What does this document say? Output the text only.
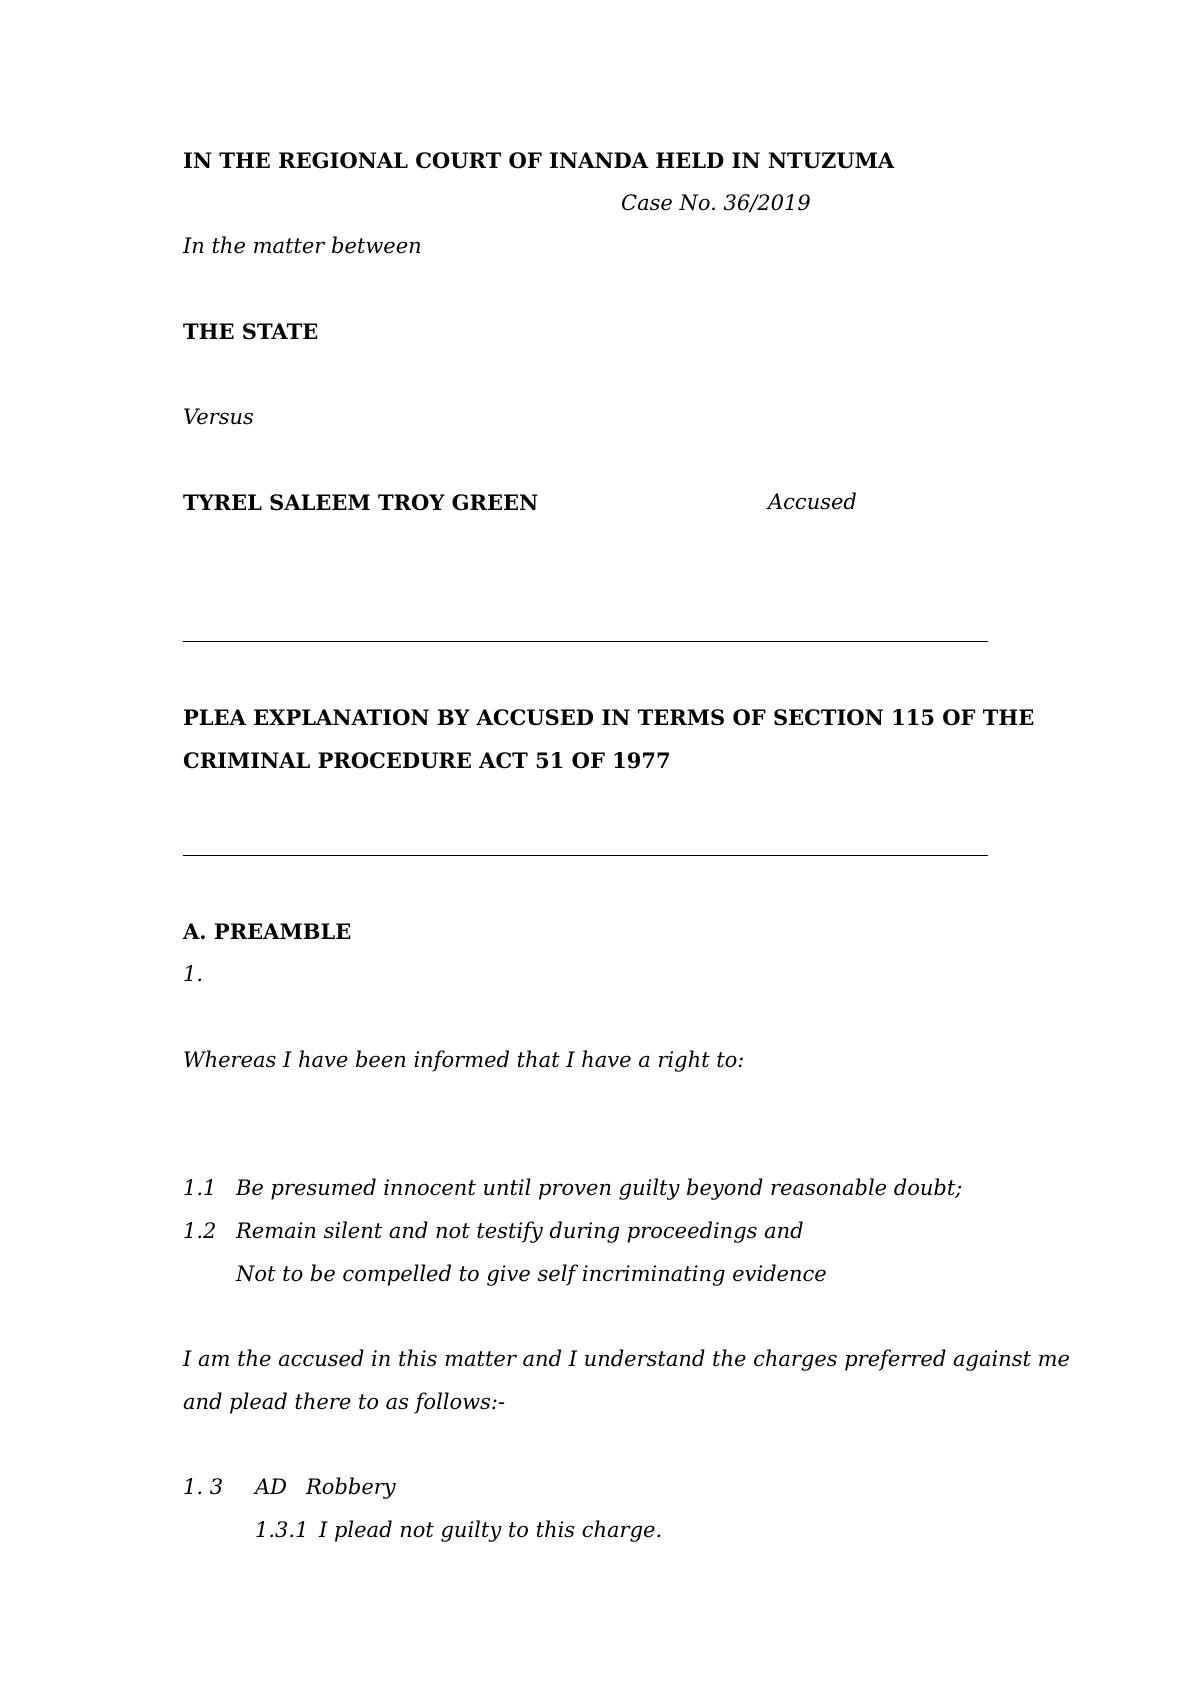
IN THE REGIONAL COURT OF INANDA HELD IN NTUZUMA
Case No. 36/2019
In the matter between
THE STATE
Versus
TYREL SALEEM TROY GREEN	Accused
PLEA EXPLANATION BY ACCUSED IN TERMS OF SECTION 115 OF THE
CRIMINAL PROCEDURE ACT 51 OF 1977
A. PREAMBLE
1.
Whereas I have been informed that I have a right to:
1.1 Be presumed innocent until proven guilty beyond reasonable doubt;
1.2 Remain silent and not testify during proceedings and
Not to be compelled to give self incriminating evidence
I am the accused in this matter and I understand the charges preferred against me
and plead there to as follows:-
1. 3 AD Robbery
1.3.1 I plead not guilty to this charge.
